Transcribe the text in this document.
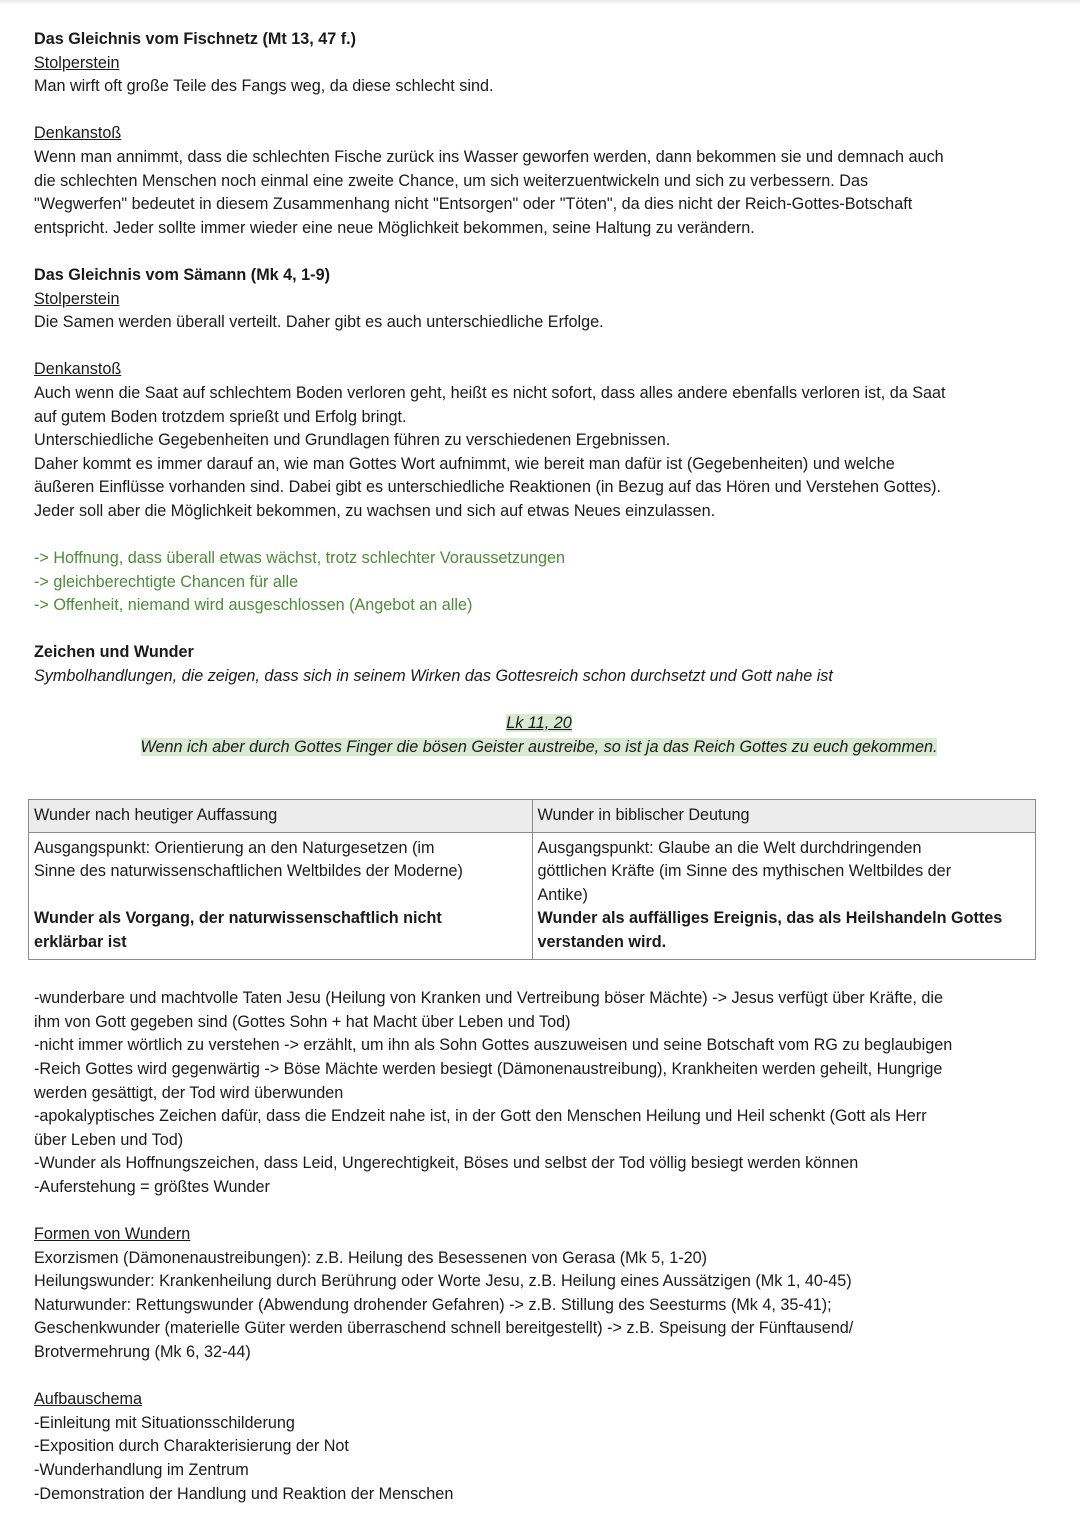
Das Gleichnis vom Fischnetz (Mt 13, 47 f.)
Stolperstein
Man wirft oft große Teile des Fangs weg, da diese schlecht sind.
Denkanstoß
Wenn man annimmt, dass die schlechten Fische zurück ins Wasser geworfen werden, dann bekommen sie und demnach auch
die schlechten Menschen noch einmal eine zweite Chance, um sich weiterzuentwickeln und sich zu verbessern. Das
"Wegwerfen" bedeutet in diesem Zusammenhang nicht "Entsorgen" oder "Töten", da dies nicht der Reich-Gottes-Botschaft
entspricht. Jeder sollte immer wieder eine neue Möglichkeit bekommen, seine Haltung zu verändern.
Das Gleichnis vom Sämann (Mk 4, 1-9)
Stolperstein
Die Samen werden überall verteilt. Daher gibt es auch unterschiedliche Erfolge.
Denkanstoß
Auch wenn die Saat auf schlechtem Boden verloren geht, heißt es nicht sofort, dass alles andere ebenfalls verloren ist, da Saat
auf gutem Boden trotzdem sprießt und Erfolg bringt.
Unterschiedliche Gegebenheiten und Grundlagen führen zu verschiedenen Ergebnissen.
Daher kommt es immer darauf an, wie man Gottes Wort aufnimmt, wie bereit man dafür ist (Gegebenheiten) und welche
äußeren Einflüsse vorhanden sind. Dabei gibt es unterschiedliche Reaktionen (in Bezug auf das Hören und Verstehen Gottes).
Jeder soll aber die Möglichkeit bekommen, zu wachsen und sich auf etwas Neues einzulassen.
-> Hoffnung, dass überall etwas wächst, trotz schlechter Voraussetzungen
-> gleichberechtigte Chancen für alle
-> Offenheit, niemand wird ausgeschlossen (Angebot an alle)
Zeichen und Wunder
Symbolhandlungen, die zeigen, dass sich in seinem Wirken das Gottesreich schon durchsetzt und Gott nahe ist
Lk 11, 20
Wenn ich aber durch Gottes Finger die bösen Geister austreibe, so ist ja das Reich Gottes zu euch gekommen.
Wunder nach heutiger Auffassung	Wunder in biblischer Deutung

Ausgangspunkt: Orientierung an den Naturgesetzen (im
Sinne des naturwissenschaftlichen Weltbildes der Moderne)

Wunder als Vorgang, der naturwissenschaftlich nicht
erklärbar ist	Ausgangspunkt: Glaube an die Welt durchdringenden
göttlichen Kräfte (im Sinne des mythischen Weltbildes der
Antike)
Wunder als auffälliges Ereignis, das als Heilshandeln Gottes
verstanden wird.
-wunderbare und machtvolle Taten Jesu (Heilung von Kranken und Vertreibung böser Mächte) -> Jesus verfügt über Kräfte, die
ihm von Gott gegeben sind (Gottes Sohn + hat Macht über Leben und Tod)
-nicht immer wörtlich zu verstehen -> erzählt, um ihn als Sohn Gottes auszuweisen und seine Botschaft vom RG zu beglaubigen
-Reich Gottes wird gegenwärtig -> Böse Mächte werden besiegt (Dämonenaustreibung), Krankheiten werden geheilt, Hungrige
werden gesättigt, der Tod wird überwunden
-apokalyptisches Zeichen dafür, dass die Endzeit nahe ist, in der Gott den Menschen Heilung und Heil schenkt (Gott als Herr
über Leben und Tod)
-Wunder als Hoffnungszeichen, dass Leid, Ungerechtigkeit, Böses und selbst der Tod völlig besiegt werden können
-Auferstehung = größtes Wunder
Formen von Wundern
Exorzismen (Dämonenaustreibungen): z.B. Heilung des Besessenen von Gerasa (Mk 5, 1-20)
Heilungswunder: Krankenheilung durch Berührung oder Worte Jesu, z.B. Heilung eines Aussätzigen (Mk 1, 40-45)
Naturwunder: Rettungswunder (Abwendung drohender Gefahren) -> z.B. Stillung des Seesturms (Mk 4, 35-41);
Geschenkwunder (materielle Güter werden überraschend schnell bereitgestellt) -> z.B. Speisung der Fünftausend/
Brotvermehrung (Mk 6, 32-44)
Aufbauschema
-Einleitung mit Situationsschilderung
-Exposition durch Charakterisierung der Not
-Wunderhandlung im Zentrum
-Demonstration der Handlung und Reaktion der Menschen
